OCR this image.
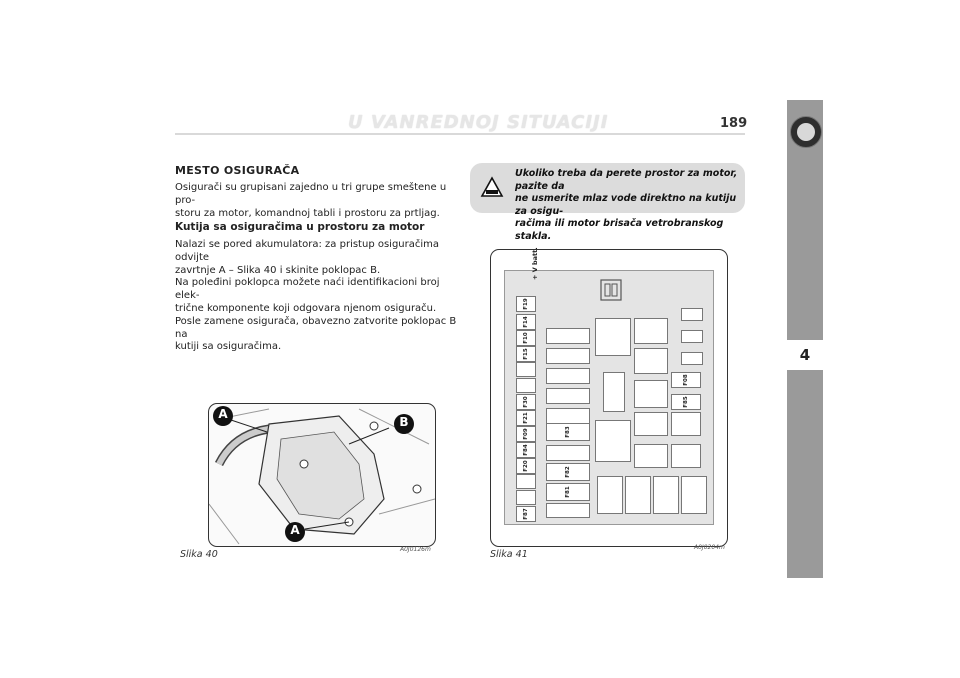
U VANREDNOJ SITUACIJI	189
4
MESTO OSIGURAČA
Osigurači su grupisani zajedno u tri grupe smeštene u pro-
storu za motor, komandnoj tabli i prostoru za prtljag.
Kutija sa osiguračima u prostoru za motor
Nalazi se pored akumulatora: za pristup osiguračima odvijte
zavrtnje A – Slika 40 i skinite poklopac B.
Na poleđini poklopca možete naći identifikacioni broj elek-
trične komponente koji odgovara njenom osiguraču.
Posle zamene osigurača, obavezno zatvorite poklopac B na
kutiji sa osiguračima.
Ukoliko treba da perete prostor za motor, pazite da
ne usmerite mlaz vode direktno na kutiju za osigu-
račima ili motor brisača vetrobranskog stakla.
A
B
A
Slika 40	A0J0126m
+ V batt.
F19
F14
F10
F15
F30
F21
F09
F84
F20
F87
F83
F82
F81
F08
F85
Slika 41
A0J0204m
